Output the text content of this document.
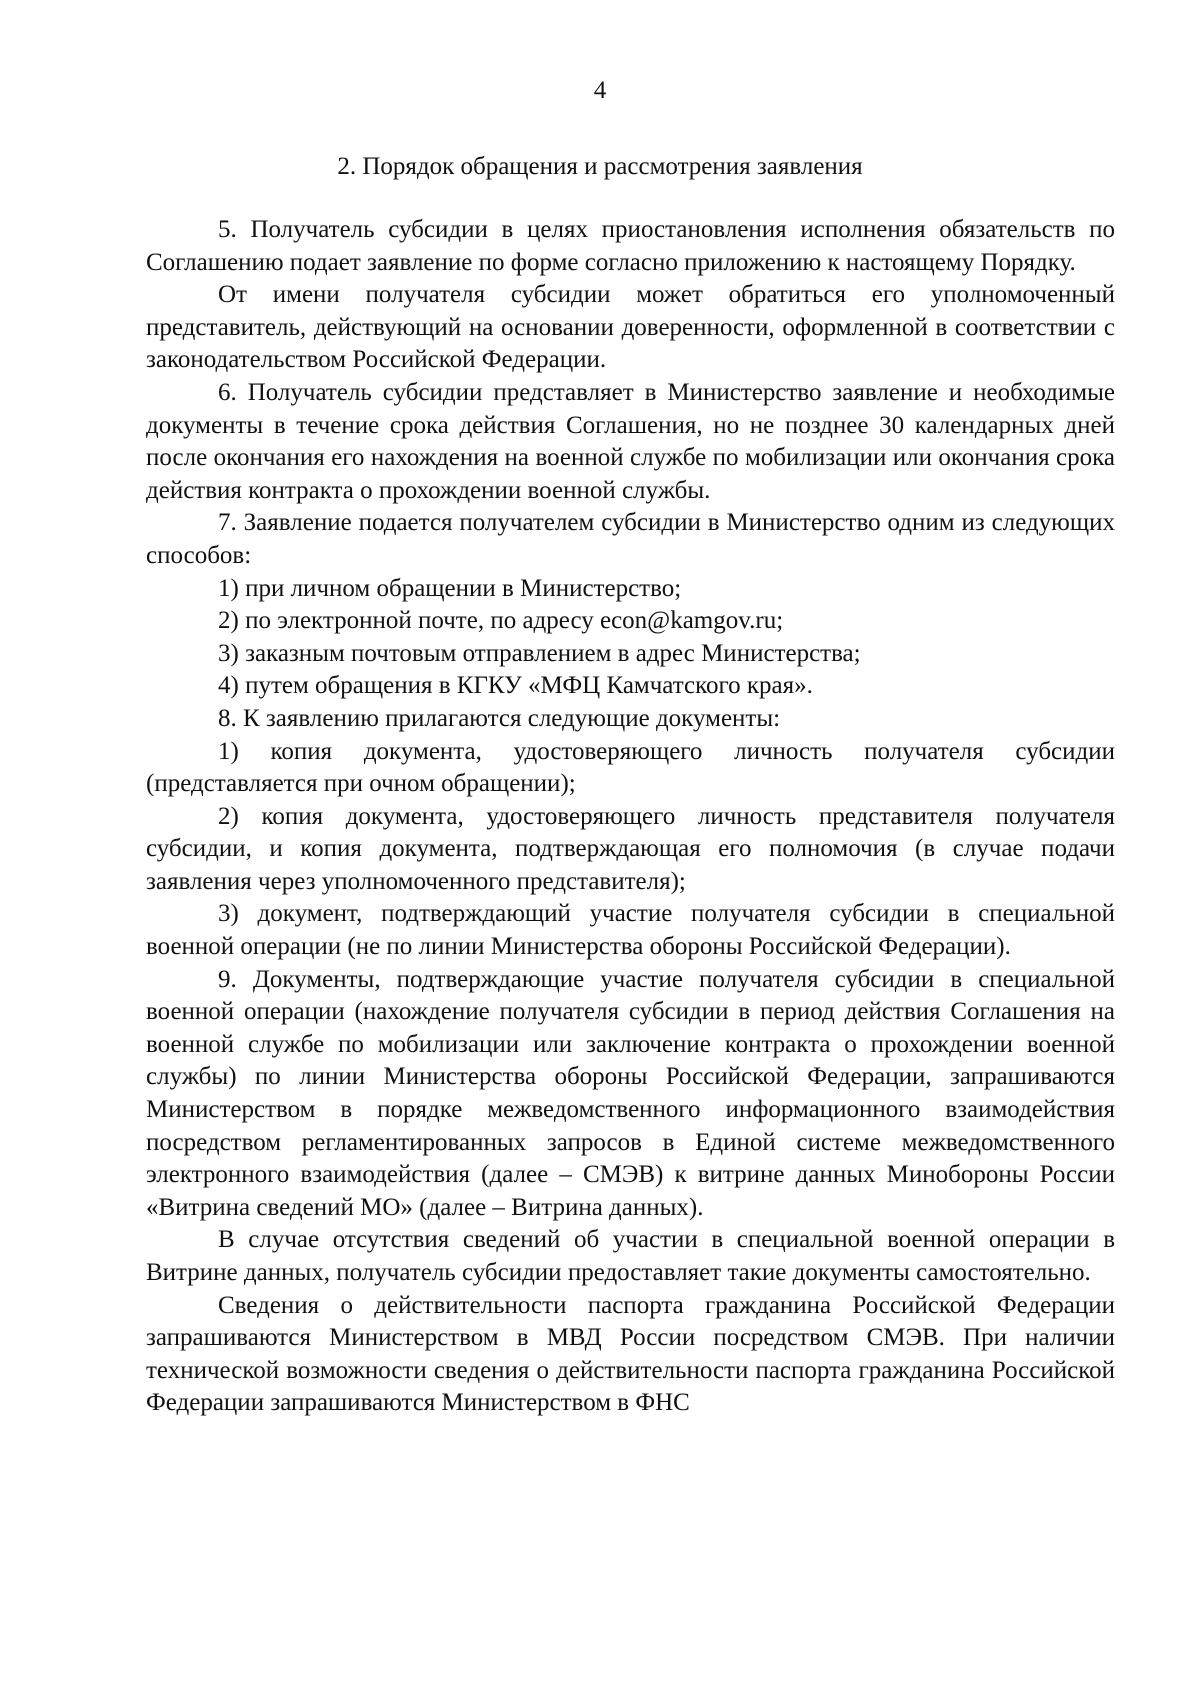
4
2. Порядок обращения и рассмотрения заявления

5. Получатель субсидии в целях приостановления исполнения обязательств по Соглашению подает заявление по форме согласно приложению к настоящему Порядку.

От имени получателя субсидии может обратиться его уполномоченный представитель, действующий на основании доверенности, оформленной в соответствии с законодательством Российской Федерации.

6. Получатель субсидии представляет в Министерство заявление и необходимые документы в течение срока действия Соглашения, но не позднее 30 календарных дней после окончания его нахождения на военной службе по мобилизации или окончания срока действия контракта о прохождении военной службы.

7. Заявление подается получателем субсидии в Министерство одним из следующих способов:

1) при личном обращении в Министерство;

2) по электронной почте, по адресу econ@kamgov.ru;

3) заказным почтовым отправлением в адрес Министерства;

4) путем обращения в КГКУ «МФЦ Камчатского края».

8. К заявлению прилагаются следующие документы:

1) копия документа, удостоверяющего личность получателя субсидии (представляется при очном обращении);

2) копия документа, удостоверяющего личность представителя получателя субсидии, и копия документа, подтверждающая его полномочия (в случае подачи заявления через уполномоченного представителя);

3) документ, подтверждающий участие получателя субсидии в специальной военной операции (не по линии Министерства обороны Российской Федерации).

9. Документы, подтверждающие участие получателя субсидии в специальной военной операции (нахождение получателя субсидии в период действия Соглашения на военной службе по мобилизации или заключение контракта о прохождении военной службы) по линии Министерства обороны Российской Федерации, запрашиваются Министерством в порядке межведомственного информационного взаимодействия посредством регламентированных запросов в Единой системе межведомственного электронного взаимодействия (далее – СМЭВ) к витрине данных Минобороны России «Витрина сведений МО» (далее – Витрина данных).

В случае отсутствия сведений об участии в специальной военной операции в Витрине данных, получатель субсидии предоставляет такие документы самостоятельно.

Сведения о действительности паспорта гражданина Российской Федерации запрашиваются Министерством в МВД России посредством СМЭВ. При наличии технической возможности сведения о действительности паспорта гражданина Российской Федерации запрашиваются Министерством в ФНС
